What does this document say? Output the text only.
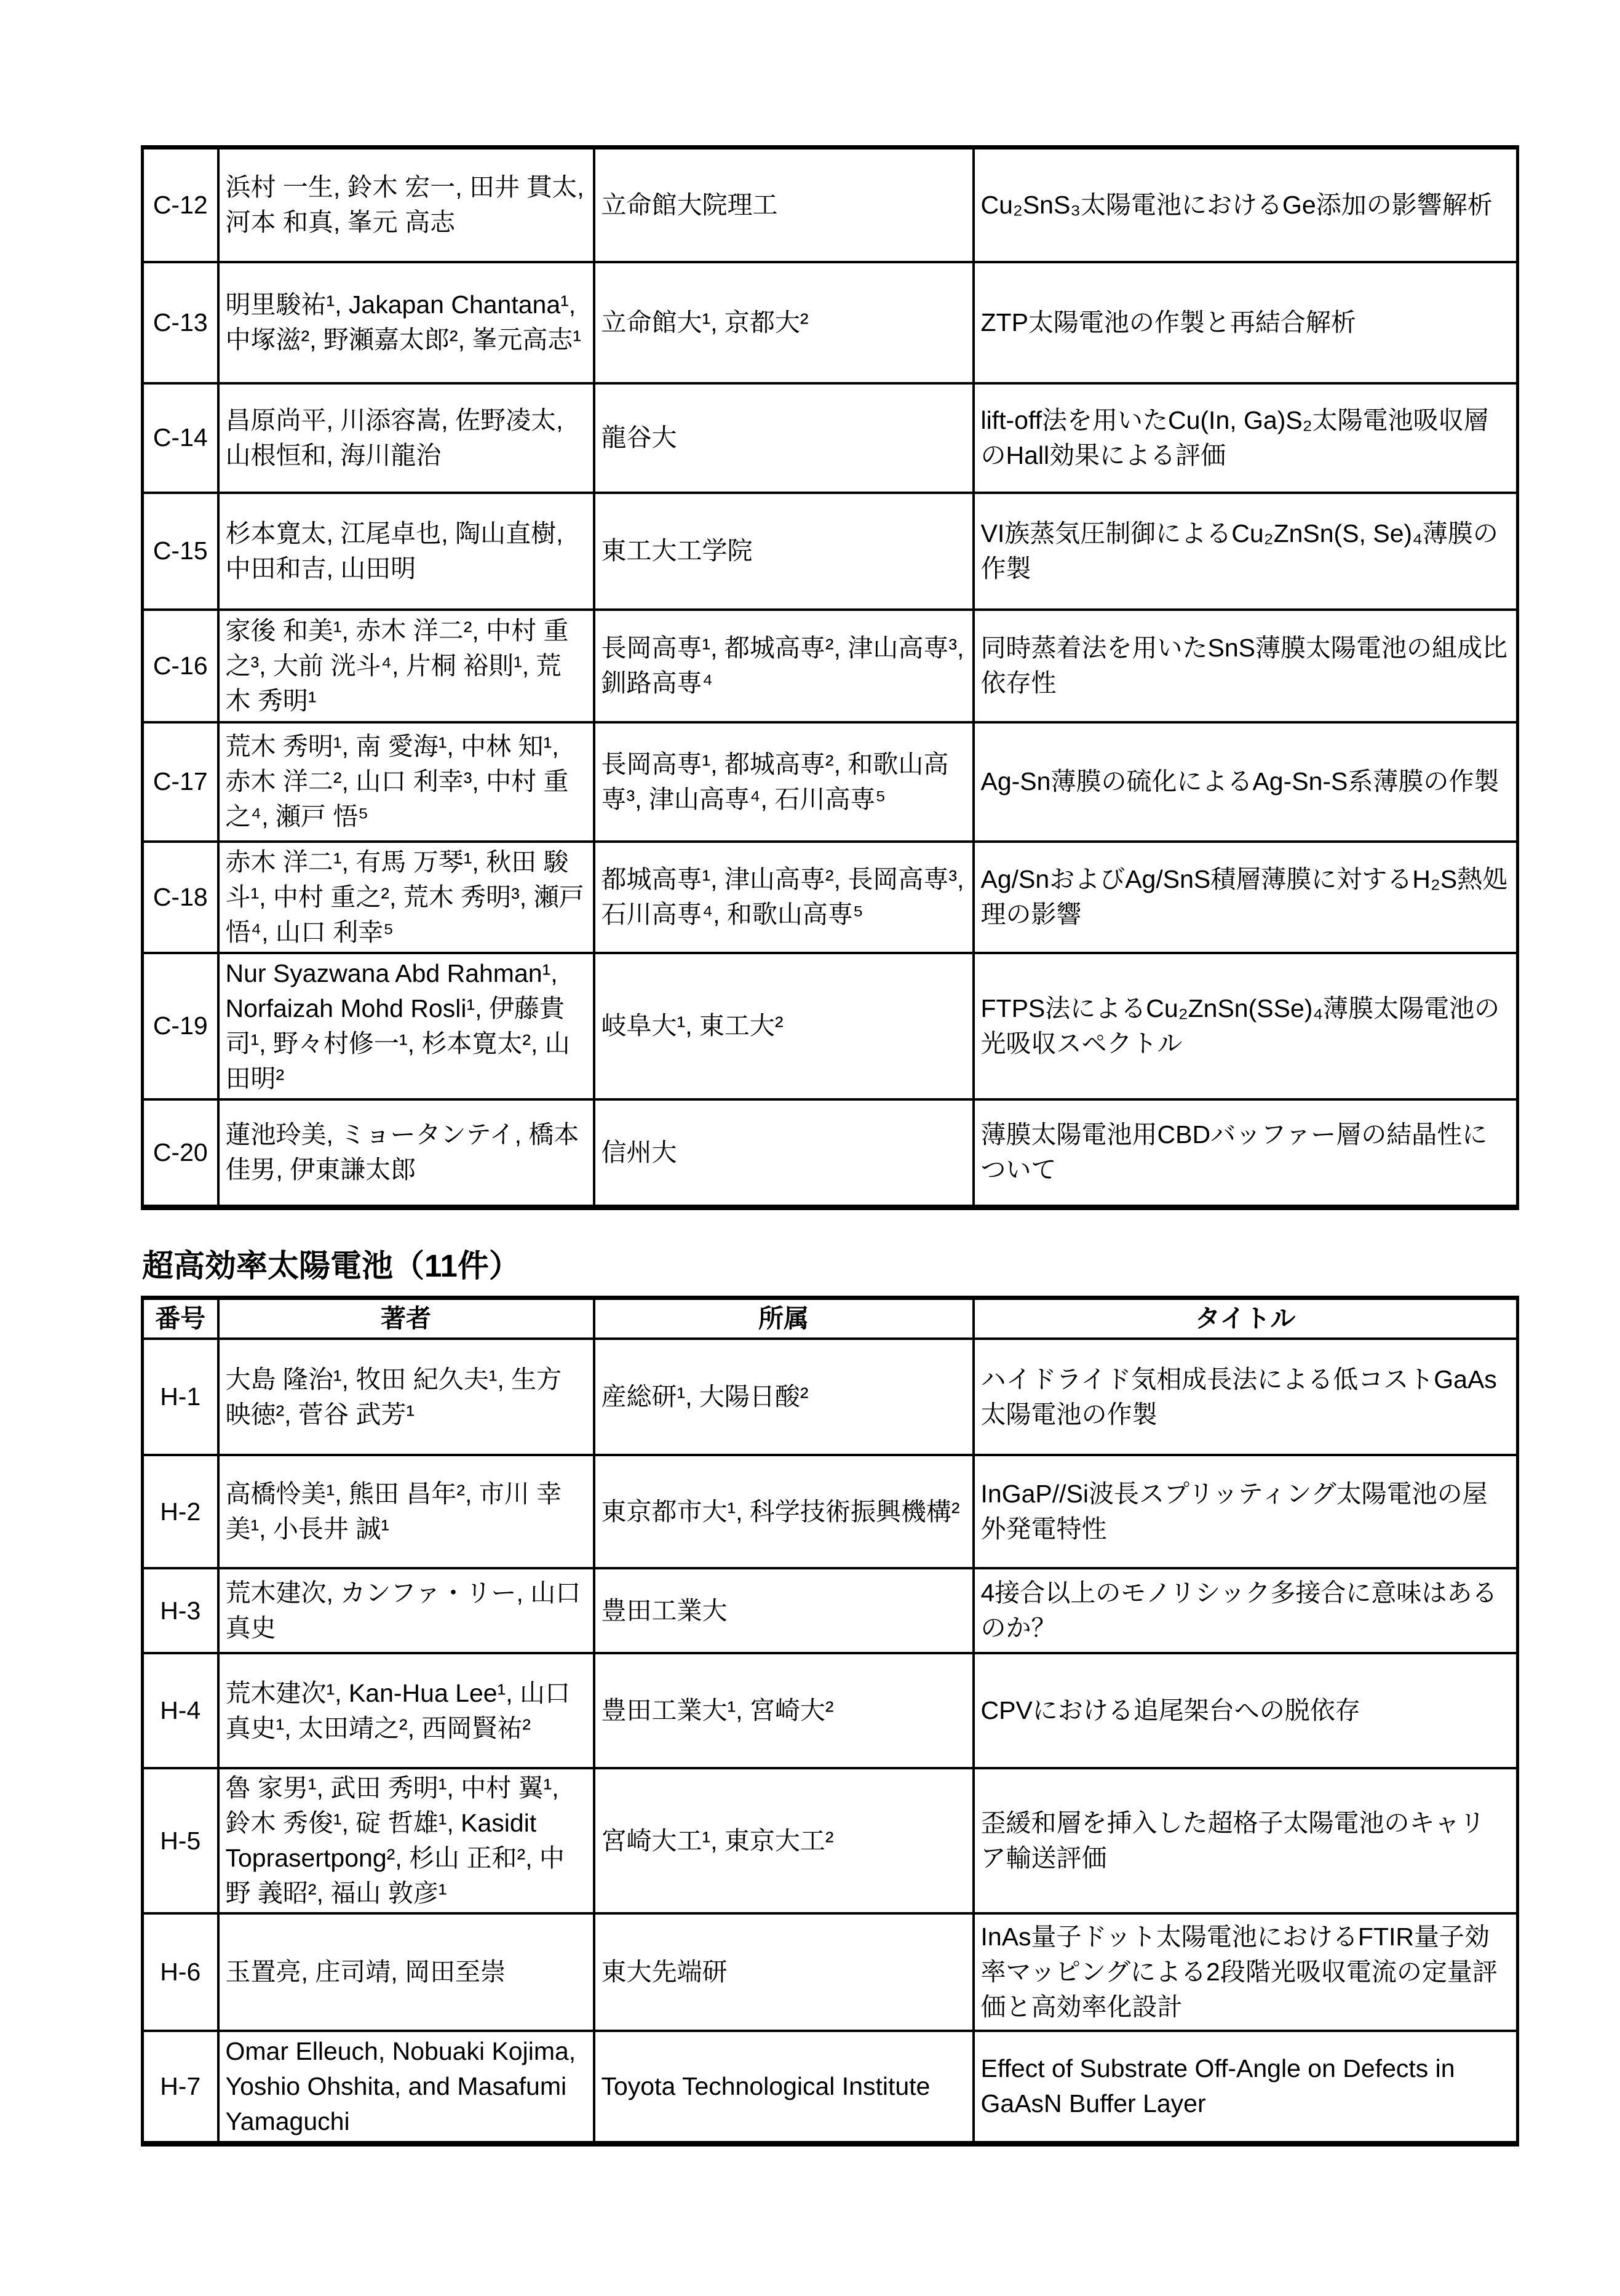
C-12	浜村 一生, 鈴木 宏一, 田井 貫太, 河本 和真, 峯元 高志	立命館大院理工	Cu₂SnS₃太陽電池におけるGe添加の影響解析
C-13	明里駿祐¹, Jakapan Chantana¹, 中塚滋², 野瀬嘉太郎², 峯元高志¹	立命館大¹, 京都大²	ZTP太陽電池の作製と再結合解析
C-14	昌原尚平, 川添容嵩, 佐野凌太, 山根恒和, 海川龍治	龍谷大	lift-off法を用いたCu(In, Ga)S₂太陽電池吸収層のHall効果による評価
C-15	杉本寛太, 江尾卓也, 陶山直樹, 中田和吉, 山田明	東工大工学院	VI族蒸気圧制御によるCu₂ZnSn(S, Se)₄薄膜の作製
C-16	家後 和美¹, 赤木 洋二², 中村 重之³, 大前 洸斗⁴, 片桐 裕則¹, 荒木 秀明¹	長岡高専¹, 都城高専², 津山高専³, 釧路高専⁴	同時蒸着法を用いたSnS薄膜太陽電池の組成比依存性
C-17	荒木 秀明¹, 南 愛海¹, 中林 知¹, 赤木 洋二², 山口 利幸³, 中村 重之⁴, 瀬戸 悟⁵	長岡高専¹, 都城高専², 和歌山高専³, 津山高専⁴, 石川高専⁵	Ag-Sn薄膜の硫化によるAg-Sn-S系薄膜の作製
C-18	赤木 洋二¹, 有馬 万琴¹, 秋田 駿斗¹, 中村 重之², 荒木 秀明³, 瀬戸 悟⁴, 山口 利幸⁵	都城高専¹, 津山高専², 長岡高専³, 石川高専⁴, 和歌山高専⁵	Ag/SnおよびAg/SnS積層薄膜に対するH₂S熱処理の影響
C-19	Nur Syazwana Abd Rahman¹, Norfaizah Mohd Rosli¹, 伊藤貴司¹, 野々村修一¹, 杉本寛太², 山田明²	岐阜大¹, 東工大²	FTPS法によるCu₂ZnSn(SSe)₄薄膜太陽電池の光吸収スペクトル
C-20	蓮池玲美, ミョータンテイ, 橋本佳男, 伊東謙太郎	信州大	薄膜太陽電池用CBDバッファー層の結晶性について
超高効率太陽電池（11件）
番号	著者	所属	タイトル
H-1	大島 隆治¹, 牧田 紀久夫¹, 生方 映徳², 菅谷 武芳¹	産総研¹, 大陽日酸²	ハイドライド気相成長法による低コストGaAs太陽電池の作製
H-2	高橋怜美¹, 熊田 昌年², 市川 幸美¹, 小長井 誠¹	東京都市大¹, 科学技術振興機構²	InGaP//Si波長スプリッティング太陽電池の屋外発電特性
H-3	荒木建次, カンファ・リー, 山口真史	豊田工業大	4接合以上のモノリシック多接合に意味はあるのか？
H-4	荒木建次¹, Kan-Hua Lee¹, 山口真史¹, 太田靖之², 西岡賢祐²	豊田工業大¹, 宮崎大²	CPVにおける追尾架台への脱依存
H-5	魯 家男¹, 武田 秀明¹, 中村 翼¹, 鈴木 秀俊¹, 碇 哲雄¹, Kasidit Toprasertpong², 杉山 正和², 中野 義昭², 福山 敦彦¹	宮崎大工¹, 東京大工²	歪緩和層を挿入した超格子太陽電池のキャリア輸送評価
H-6	玉置亮, 庄司靖, 岡田至崇	東大先端研	InAs量子ドット太陽電池におけるFTIR量子効率マッピングによる2段階光吸収電流の定量評価と高効率化設計
H-7	Omar Elleuch, Nobuaki Kojima, Yoshio Ohshita, and Masafumi Yamaguchi	Toyota Technological Institute	Effect of Substrate Off-Angle on Defects in GaAsN Buffer Layer
